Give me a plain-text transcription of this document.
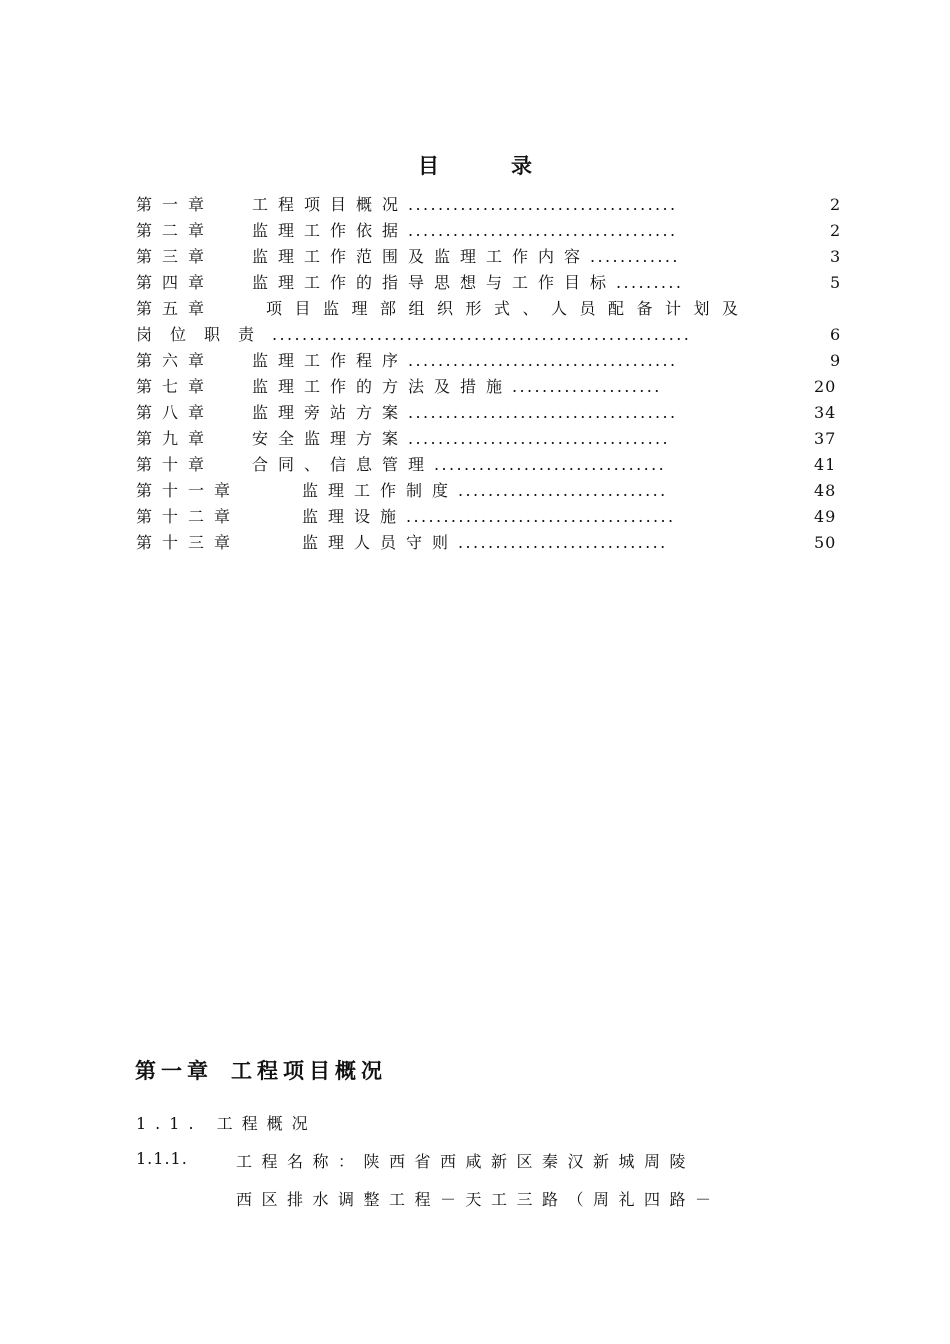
目录
第一章 工程项目概况....................................	2
第二章 监理工作依据....................................	2
第三章 监理工作范围及监理工作内容............	3
第四章 监理工作的指导思想与工作目标.........	5
第五章	项目监理部组织形式、人员配备计划及
岗位职责........................................................	6
第六章 监理工作程序....................................	9
第七章 监理工作的方法及措施....................	20
第八章 监理旁站方案....................................	34
第九章 安全监理方案...................................	37
第十章 合同、信息管理...............................	41
第十一章	监理工作制度............................	48
第十二章	监理设施....................................	49
第十三章	监理人员守则............................	50
第一章 工程项目概况
1.1. 工程概况
1.1.1.	工程名称：陕西省西咸新区秦汉新城周陵
西区排水调整工程－天工三路（周礼四路－
